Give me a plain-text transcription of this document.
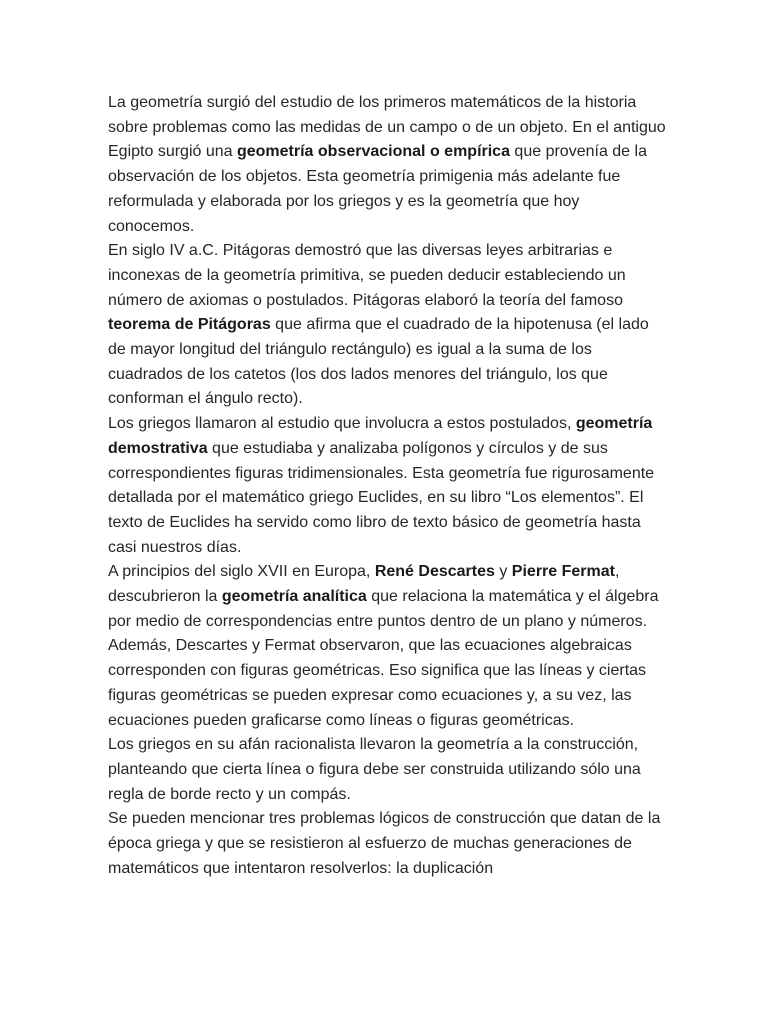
La geometría surgió del estudio de los primeros matemáticos de la historia sobre problemas como las medidas de un campo o de un objeto. En el antiguo Egipto surgió una geometría observacional o empírica que provenía de la observación de los objetos. Esta geometría primigenia más adelante fue reformulada y elaborada por los griegos y es la geometría que hoy conocemos.

En siglo IV a.C. Pitágoras demostró que las diversas leyes arbitrarias e inconexas de la geometría primitiva, se pueden deducir estableciendo un número de axiomas o postulados. Pitágoras elaboró la teoría del famoso teorema de Pitágoras que afirma que el cuadrado de la hipotenusa (el lado de mayor longitud del triángulo rectángulo) es igual a la suma de los cuadrados de los catetos (los dos lados menores del triángulo, los que conforman el ángulo recto).

Los griegos llamaron al estudio que involucra a estos postulados, geometría demostrativa que estudiaba y analizaba polígonos y círculos y de sus correspondientes figuras tridimensionales. Esta geometría fue rigurosamente detallada por el matemático griego Euclides, en su libro “Los elementos”. El texto de Euclides ha servido como libro de texto básico de geometría hasta casi nuestros días.

A principios del siglo XVII en Europa, René Descartes y Pierre Fermat, descubrieron la geometría analítica que relaciona la matemática y el álgebra por medio de correspondencias entre puntos dentro de un plano y números.

Además, Descartes y Fermat observaron, que las ecuaciones algebraicas corresponden con figuras geométricas. Eso significa que las líneas y ciertas figuras geométricas se pueden expresar como ecuaciones y, a su vez, las ecuaciones pueden graficarse como líneas o figuras geométricas.

Los griegos en su afán racionalista llevaron la geometría a la construcción, planteando que cierta línea o figura debe ser construida utilizando sólo una regla de borde recto y un compás.

Se pueden mencionar tres problemas lógicos de construcción que datan de la época griega y que se resistieron al esfuerzo de muchas generaciones de matemáticos que intentaron resolverlos: la duplicación
